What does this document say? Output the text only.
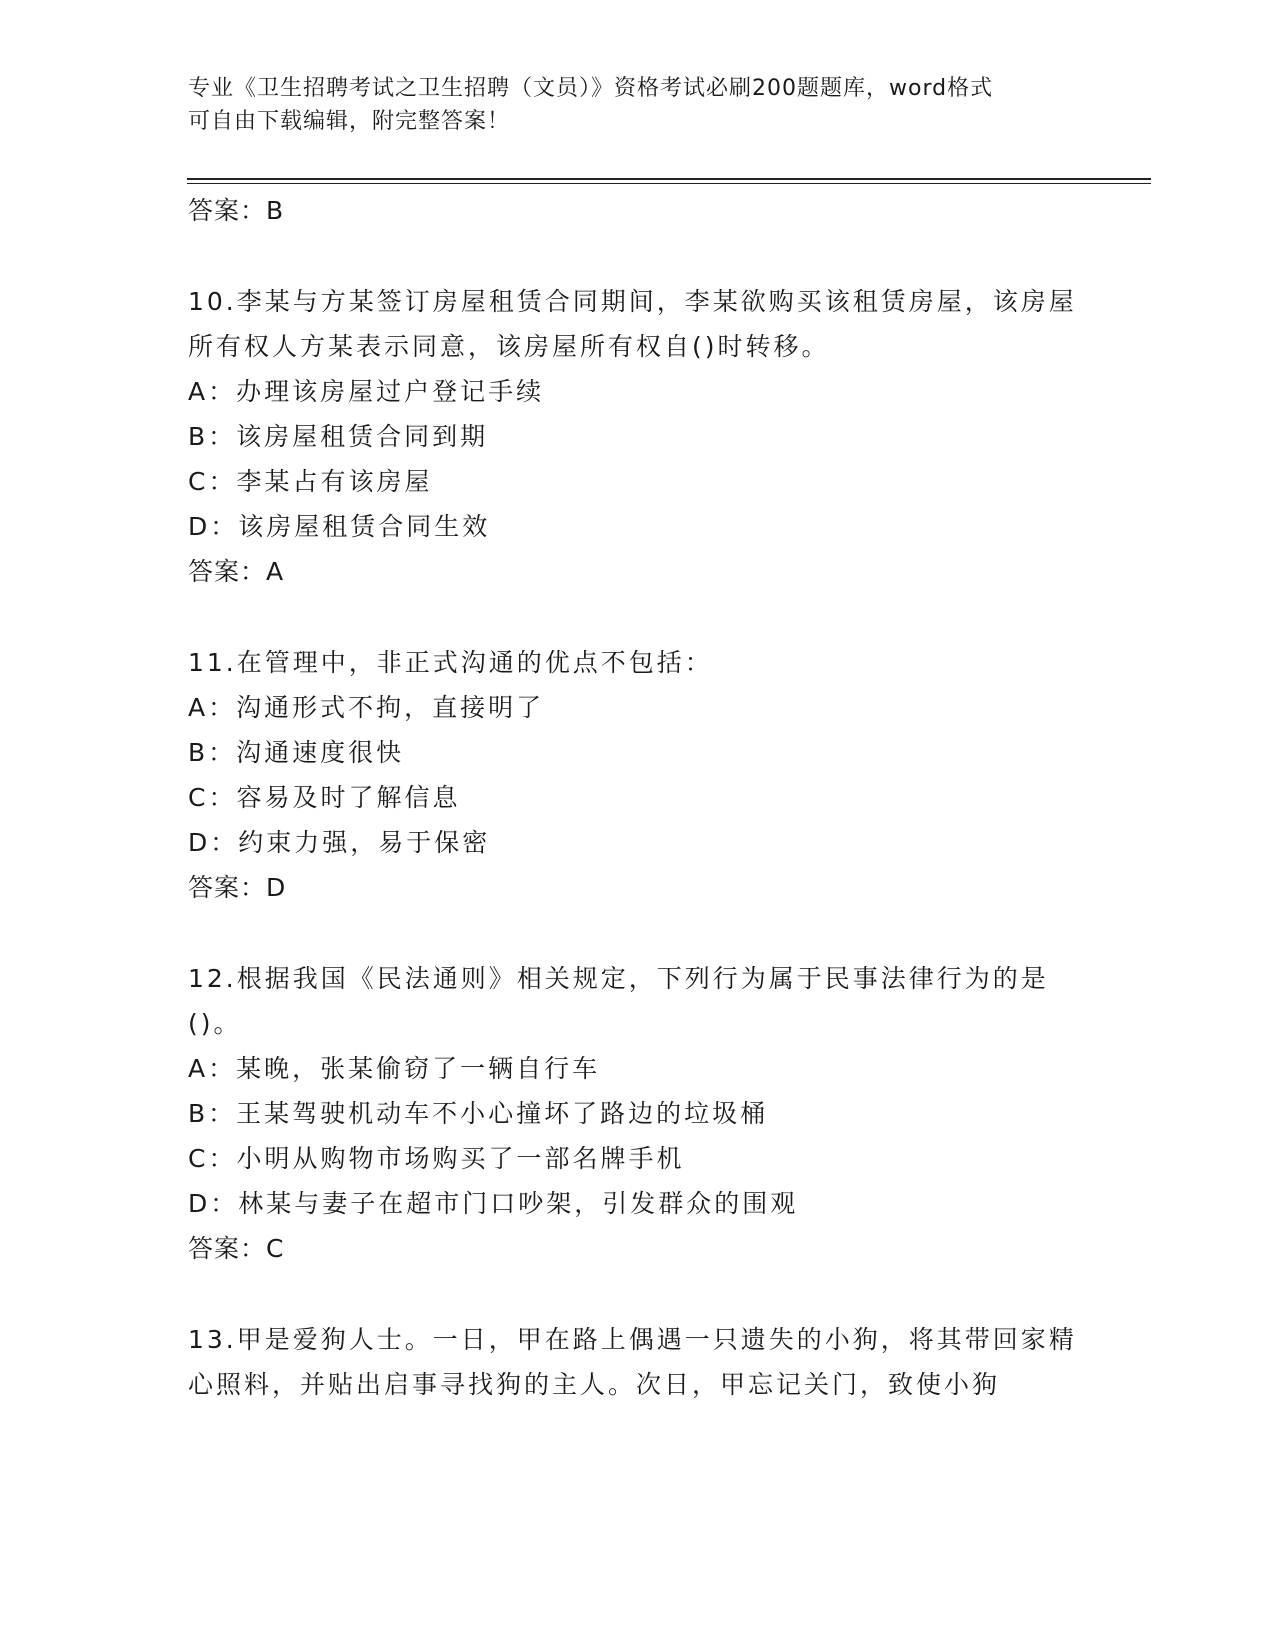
专业《卫生招聘考试之卫生招聘（文员）》资格考试必刷200题题库，word格式
可自由下载编辑，附完整答案！
答案：B
10.李某与方某签订房屋租赁合同期间，李某欲购买该租赁房屋，该房屋所有权人方某表示同意，该房屋所有权自()时转移。
A：办理该房屋过户登记手续
B：该房屋租赁合同到期
C：李某占有该房屋
D：该房屋租赁合同生效
答案：A
11.在管理中，非正式沟通的优点不包括：
A：沟通形式不拘，直接明了
B：沟通速度很快
C：容易及时了解信息
D：约束力强，易于保密
答案：D
12.根据我国《民法通则》相关规定，下列行为属于民事法律行为的是()。
A：某晚，张某偷窃了一辆自行车
B：王某驾驶机动车不小心撞坏了路边的垃圾桶
C：小明从购物市场购买了一部名牌手机
D：林某与妻子在超市门口吵架，引发群众的围观
答案：C
13.甲是爱狗人士。一日，甲在路上偶遇一只遗失的小狗，将其带回家精心照料，并贴出启事寻找狗的主人。次日，甲忘记关门，致使小狗
